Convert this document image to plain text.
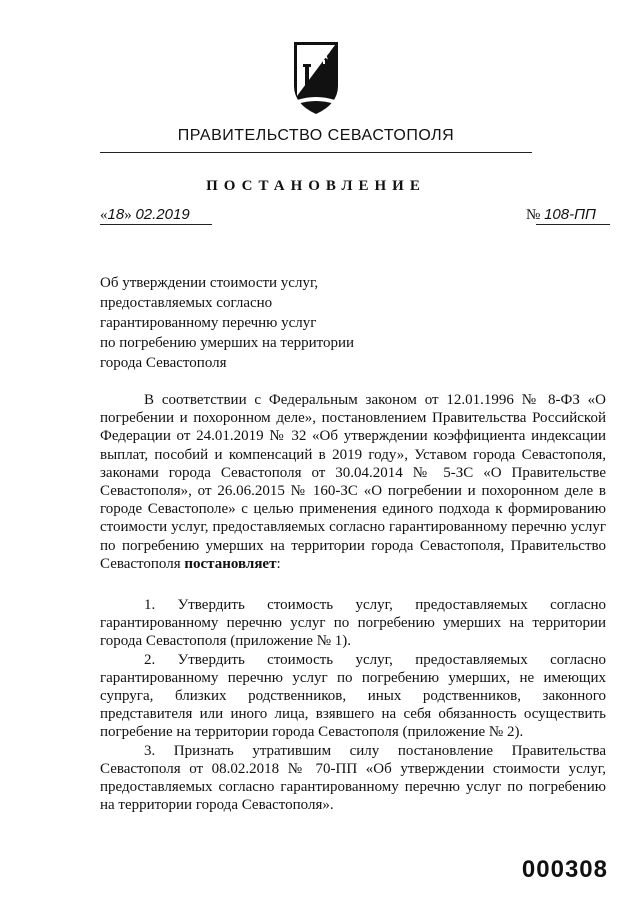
ПРАВИТЕЛЬСТВО СЕВАСТОПОЛЯ
ПОСТАНОВЛЕНИЕ
«18» 02.2019	№ 108-ПП
Об утверждении стоимости услуг,
предоставляемых согласно
гарантированному перечню услуг
по погребению умерших на территории
города Севастополя

В соответствии с Федеральным законом от 12.01.1996 № 8-ФЗ «О погребении и похоронном деле», постановлением Правительства Российской Федерации от 24.01.2019 № 32 «Об утверждении коэффициента индексации выплат, пособий и компенсаций в 2019 году», Уставом города Севастополя, законами города Севастополя от 30.04.2014 № 5-ЗС «О Правительстве Севастополя», от 26.06.2015 № 160-ЗС «О погребении и похоронном деле в городе Севастополе» с целью применения единого подхода к формированию стоимости услуг, предоставляемых согласно гарантированному перечню услуг по погребению умерших на территории города Севастополя, Правительство Севастополя постановляет:

1. Утвердить стоимость услуг, предоставляемых согласно гарантированному перечню услуг по погребению умерших на территории города Севастополя (приложение № 1).

2. Утвердить стоимость услуг, предоставляемых согласно гарантированному перечню услуг по погребению умерших, не имеющих супруга, близких родственников, иных родственников, законного представителя или иного лица, взявшего на себя обязанность осуществить погребение на территории города Севастополя (приложение № 2).

3. Признать утратившим силу постановление Правительства Севастополя от 08.02.2018 № 70-ПП «Об утверждении стоимости услуг, предоставляемых согласно гарантированному перечню услуг по погребению на территории города Севастополя».

000308
